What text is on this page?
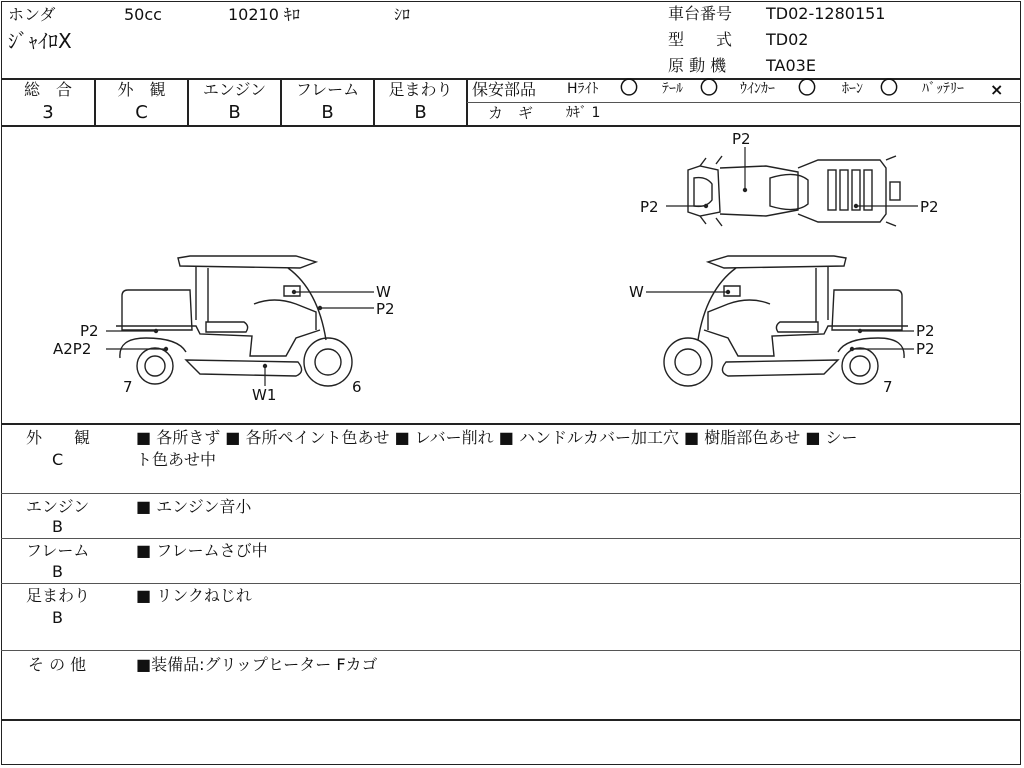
ホンダ	50cc	10210 ｷﾛ	ｼﾛ
ｼﾞｬｲﾛX
車台番号 TD02-1280151
型　　式 TD02
原 動 機 TA03E
総　合
3
外　観
C
エンジン
B
フレーム
B
足まわり
B
保安部品 Hﾗｲﾄ 〇 ﾃｰﾙ 〇 ｳｲﾝｶｰ 〇 ﾎｰﾝ 〇 ﾊﾞｯﾃﾘｰ ×
カ　ギ ｶｷﾞ 1
P2
P2	P2
W
P2
P2
A2P2
7	W1	6
W
P2
P2
7
外　　観
C
■ 各所きず ■ 各所ペイント色あせ ■ レバー削れ ■ ハンドルカバー加工穴 ■ 樹脂部色あせ ■ シー
ト色あせ中
エンジン
B
■ エンジン音小
フレーム
B
■ フレームさび中
足まわり
B
■ リンクねじれ
そ の 他	■装備品:グリップヒーター Fカゴ
